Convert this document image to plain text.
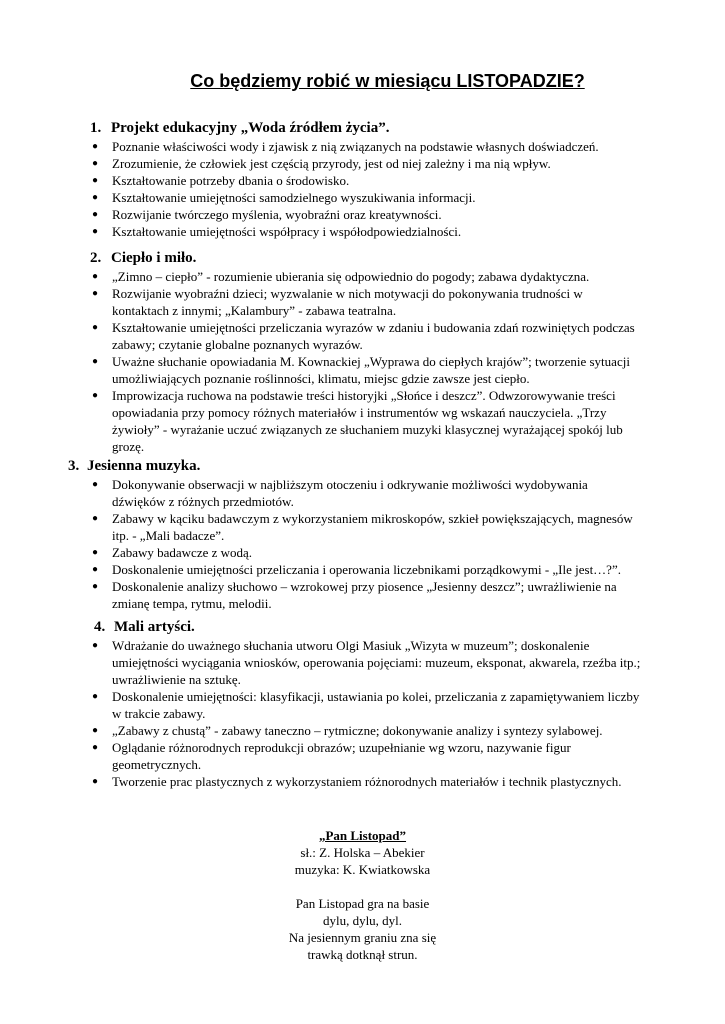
Co będziemy robić w miesiącu LISTOPADZIE?
1. Projekt edukacyjny „Woda źródłem życia”.
● Poznanie właściwości wody i zjawisk z nią związanych na podstawie własnych doświadczeń.
● Zrozumienie, że człowiek jest częścią przyrody, jest od niej zależny i ma nią wpływ.
● Kształtowanie potrzeby dbania o środowisko.
● Kształtowanie umiejętności samodzielnego wyszukiwania informacji.
● Rozwijanie twórczego myślenia, wyobraźni oraz kreatywności.
● Kształtowanie umiejętności współpracy i współodpowiedzialności.
2. Ciepło i miło.
● „Zimno – ciepło” - rozumienie ubierania się odpowiednio do pogody; zabawa dydaktyczna.
● Rozwijanie wyobraźni dzieci; wyzwalanie w nich motywacji do pokonywania trudności w kontaktach z innymi; „Kalambury” - zabawa teatralna.
● Kształtowanie umiejętności przeliczania wyrazów w zdaniu i budowania zdań rozwiniętych podczas zabawy; czytanie globalne poznanych wyrazów.
● Uważne słuchanie opowiadania M. Kownackiej „Wyprawa do ciepłych krajów”; tworzenie sytuacji umożliwiających poznanie roślinności, klimatu, miejsc gdzie zawsze jest ciepło.
● Improwizacja ruchowa na podstawie treści historyjki „Słońce i deszcz”. Odwzorowywanie treści opowiadania przy pomocy różnych materiałów i instrumentów wg wskazań nauczyciela. „Trzy żywioły” - wyrażanie uczuć związanych ze słuchaniem muzyki klasycznej wyrażającej spokój lub grozę.
3. Jesienna muzyka.
● Dokonywanie obserwacji w najbliższym otoczeniu i odkrywanie możliwości wydobywania dźwięków z różnych przedmiotów.
● Zabawy w kąciku badawczym z wykorzystaniem mikroskopów, szkieł powiększających, magnesów itp. - „Mali badacze”.
● Zabawy badawcze z wodą.
● Doskonalenie umiejętności przeliczania i operowania liczebnikami porządkowymi - „Ile jest…?”.
● Doskonalenie analizy słuchowo – wzrokowej przy piosence „Jesienny deszcz”; uwrażliwienie na zmianę tempa, rytmu, melodii.
4. Mali artyści.
● Wdrażanie do uważnego słuchania utworu Olgi Masiuk „Wizyta w muzeum”; doskonalenie umiejętności wyciągania wniosków, operowania pojęciami: muzeum, eksponat, akwarela, rzeźba itp.; uwrażliwienie na sztukę.
● Doskonalenie umiejętności: klasyfikacji, ustawiania po kolei, przeliczania z zapamiętywaniem liczby w trakcie zabawy.
● „Zabawy z chustą” - zabawy taneczno – rytmiczne; dokonywanie analizy i syntezy sylabowej.
● Oglądanie różnorodnych reprodukcji obrazów; uzupełnianie wg wzoru, nazywanie figur geometrycznych.
● Tworzenie prac plastycznych z wykorzystaniem różnorodnych materiałów i technik plastycznych.
„Pan Listopad”
sł.: Z. Holska – Abekier
muzyka: K. Kwiatkowska
Pan Listopad gra na basie
dylu, dylu, dyl.
Na jesiennym graniu zna się
trawką dotknął strun.
